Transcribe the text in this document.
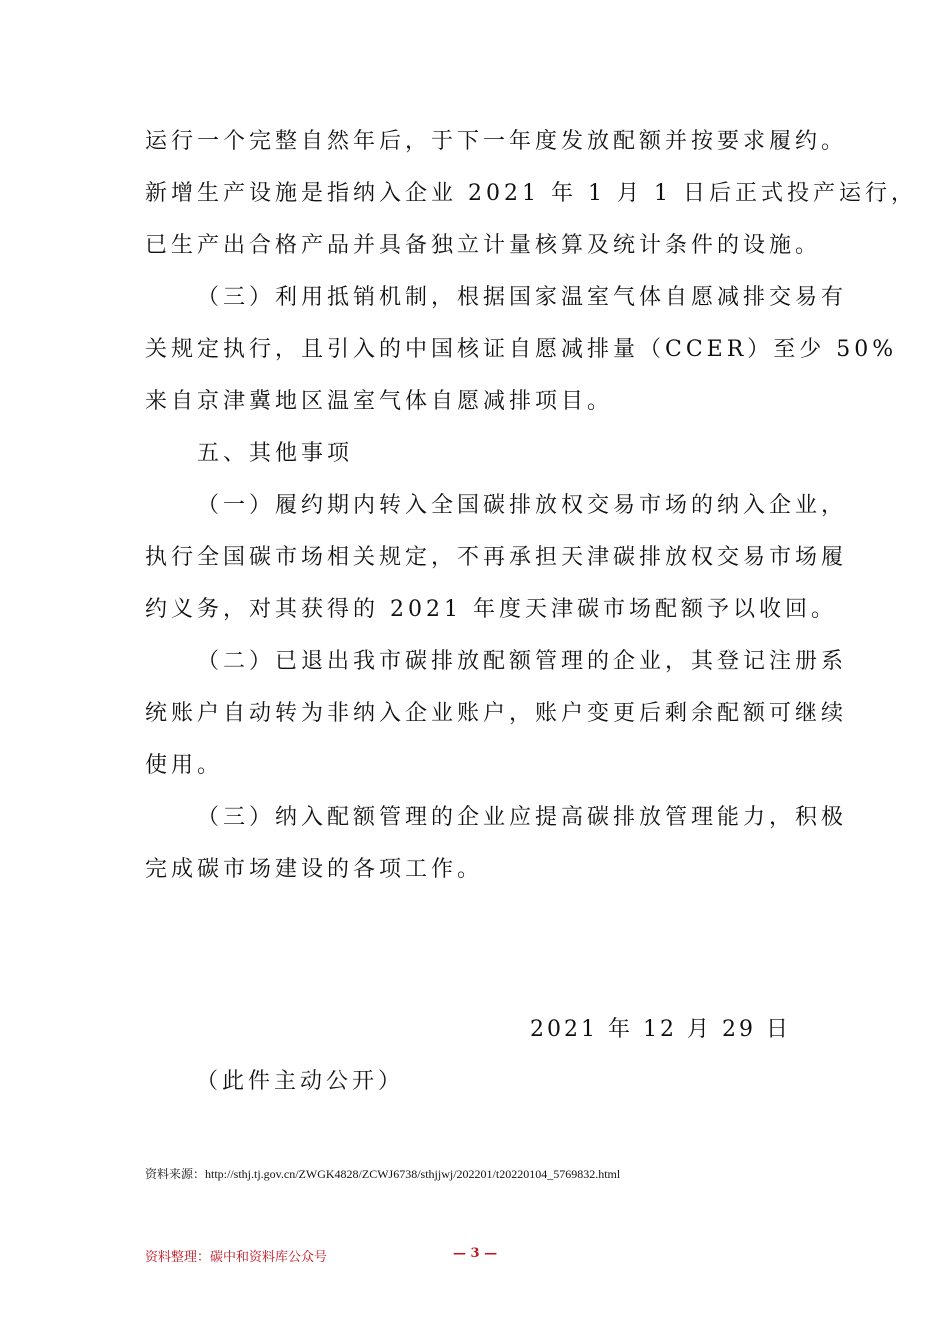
运行一个完整自然年后，于下一年度发放配额并按要求履约。
新增生产设施是指纳入企业 2021 年 1 月 1 日后正式投产运行，
已生产出合格产品并具备独立计量核算及统计条件的设施。
（三）利用抵销机制，根据国家温室气体自愿减排交易有
关规定执行，且引入的中国核证自愿减排量（CCER）至少 50%
来自京津冀地区温室气体自愿减排项目。
五、其他事项
（一）履约期内转入全国碳排放权交易市场的纳入企业，
执行全国碳市场相关规定，不再承担天津碳排放权交易市场履
约义务，对其获得的 2021 年度天津碳市场配额予以收回。
（二）已退出我市碳排放配额管理的企业，其登记注册系
统账户自动转为非纳入企业账户，账户变更后剩余配额可继续
使用。
（三）纳入配额管理的企业应提高碳排放管理能力，积极
完成碳市场建设的各项工作。
2021 年 12 月 29 日
（此件主动公开）
资料来源：http://sthj.tj.gov.cn/ZWGK4828/ZCWJ6738/sthjjwj/202201/t20220104_5769832.html
资料整理：碳中和资料库公众号	— 3 —
